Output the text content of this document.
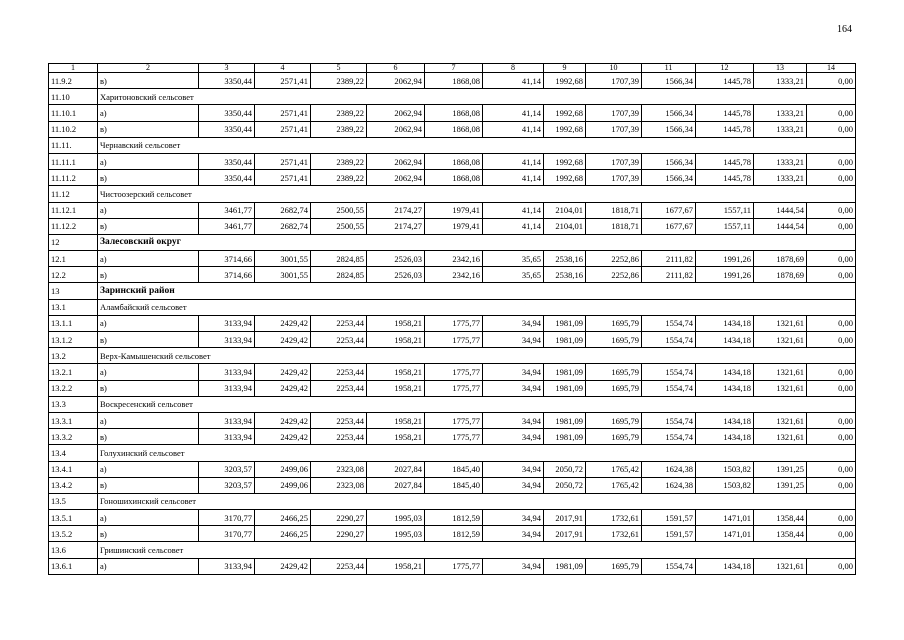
164
1	2	3	4	5	6	7	8	9	10	11	12	13	14
11.9.2	в)	3350,44	2571,41	2389,22	2062,94	1868,08	41,14	1992,68	1707,39	1566,34	1445,78	1333,21	0,00
11.10	Харитоновский сельсовет												
11.10.1	а)	3350,44	2571,41	2389,22	2062,94	1868,08	41,14	1992,68	1707,39	1566,34	1445,78	1333,21	0,00
11.10.2	в)	3350,44	2571,41	2389,22	2062,94	1868,08	41,14	1992,68	1707,39	1566,34	1445,78	1333,21	0,00
11.11.	Чернавский сельсовет												
11.11.1	а)	3350,44	2571,41	2389,22	2062,94	1868,08	41,14	1992,68	1707,39	1566,34	1445,78	1333,21	0,00
11.11.2	в)	3350,44	2571,41	2389,22	2062,94	1868,08	41,14	1992,68	1707,39	1566,34	1445,78	1333,21	0,00
11.12	Чистоозерский сельсовет												
11.12.1	а)	3461,77	2682,74	2500,55	2174,27	1979,41	41,14	2104,01	1818,71	1677,67	1557,11	1444,54	0,00
11.12.2	в)	3461,77	2682,74	2500,55	2174,27	1979,41	41,14	2104,01	1818,71	1677,67	1557,11	1444,54	0,00
12	Залесовский округ												
12.1	а)	3714,66	3001,55	2824,85	2526,03	2342,16	35,65	2538,16	2252,86	2111,82	1991,26	1878,69	0,00
12.2	в)	3714,66	3001,55	2824,85	2526,03	2342,16	35,65	2538,16	2252,86	2111,82	1991,26	1878,69	0,00
13	Заринский район												
13.1	Аламбайский сельсовет												
13.1.1	а)	3133,94	2429,42	2253,44	1958,21	1775,77	34,94	1981,09	1695,79	1554,74	1434,18	1321,61	0,00
13.1.2	в)	3133,94	2429,42	2253,44	1958,21	1775,77	34,94	1981,09	1695,79	1554,74	1434,18	1321,61	0,00
13.2	Верх-Камышенский сельсовет												
13.2.1	а)	3133,94	2429,42	2253,44	1958,21	1775,77	34,94	1981,09	1695,79	1554,74	1434,18	1321,61	0,00
13.2.2	в)	3133,94	2429,42	2253,44	1958,21	1775,77	34,94	1981,09	1695,79	1554,74	1434,18	1321,61	0,00
13.3	Воскресенский сельсовет												
13.3.1	а)	3133,94	2429,42	2253,44	1958,21	1775,77	34,94	1981,09	1695,79	1554,74	1434,18	1321,61	0,00
13.3.2	в)	3133,94	2429,42	2253,44	1958,21	1775,77	34,94	1981,09	1695,79	1554,74	1434,18	1321,61	0,00
13.4	Голухинский сельсовет												
13.4.1	а)	3203,57	2499,06	2323,08	2027,84	1845,40	34,94	2050,72	1765,42	1624,38	1503,82	1391,25	0,00
13.4.2	в)	3203,57	2499,06	2323,08	2027,84	1845,40	34,94	2050,72	1765,42	1624,38	1503,82	1391,25	0,00
13.5	Гоношихинский сельсовет												
13.5.1	а)	3170,77	2466,25	2290,27	1995,03	1812,59	34,94	2017,91	1732,61	1591,57	1471,01	1358,44	0,00
13.5.2	в)	3170,77	2466,25	2290,27	1995,03	1812,59	34,94	2017,91	1732,61	1591,57	1471,01	1358,44	0,00
13.6	Гришинский сельсовет												
13.6.1	а)	3133,94	2429,42	2253,44	1958,21	1775,77	34,94	1981,09	1695,79	1554,74	1434,18	1321,61	0,00
